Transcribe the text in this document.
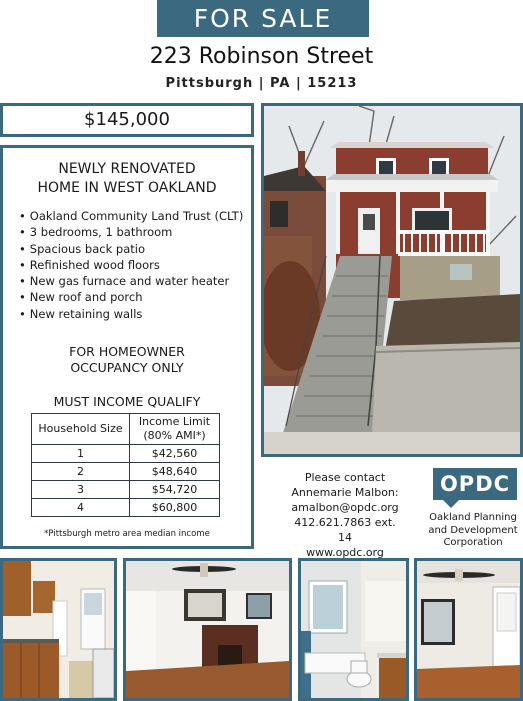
FOR SALE
223 Robinson Street
Pittsburgh | PA | 15213
$145,000
NEWLY RENOVATED
HOME IN WEST OAKLAND
• Oakland Community Land Trust (CLT)
• 3 bedrooms, 1 bathroom
• Spacious back patio
• Refinished wood floors
• New gas furnace and water heater
• New roof and porch
• New retaining walls
FOR HOMEOWNER
OCCUPANCY ONLY
MUST INCOME QUALIFY
Household Size	Income Limit
(80% AMI*)

1	$42,560
2	$48,640
3	$54,720
4	$60,800
*Pittsburgh metro area median income
Please contact
Annemarie Malbon:
amalbon@opdc.org
412.621.7863 ext. 14
www.opdc.org
OPDC
Oakland Planning
and Development
Corporation
